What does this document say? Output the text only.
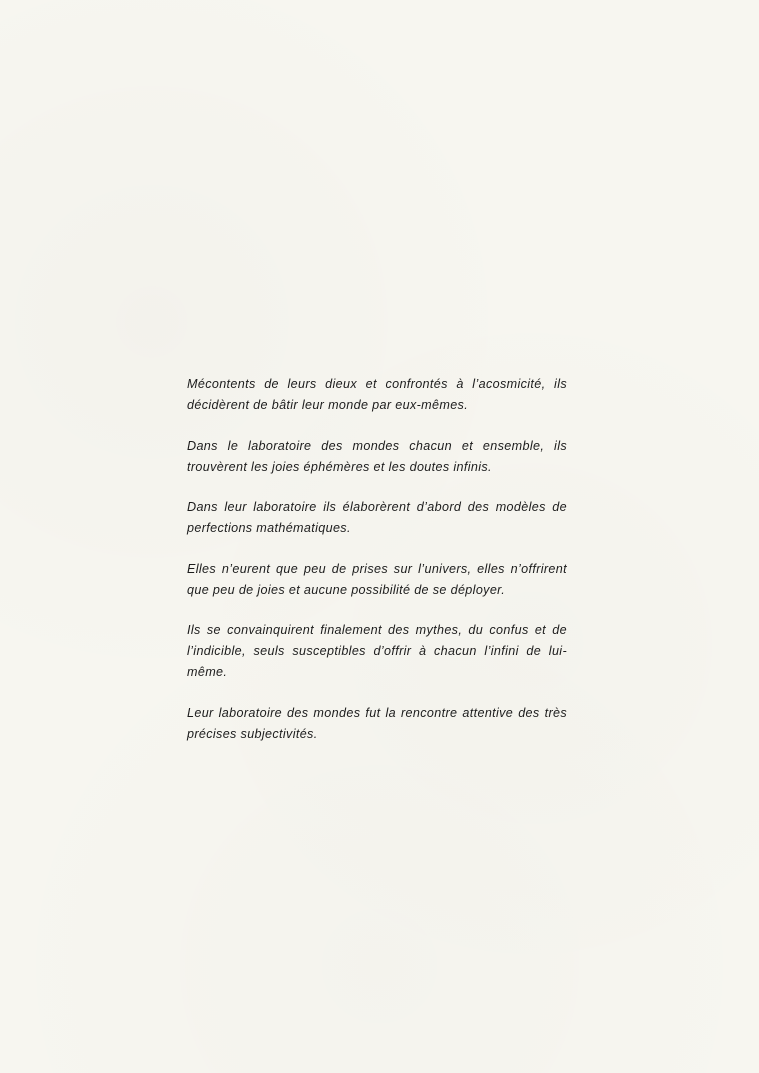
Mécontents de leurs dieux et confrontés à l’acosmicité, ils décidèrent de bâtir leur monde par eux-mêmes.

Dans le laboratoire des mondes chacun et ensemble, ils trouvèrent les joies éphémères et les doutes infinis.

Dans leur laboratoire ils élaborèrent d’abord des modèles de perfections mathématiques.

Elles n’eurent que peu de prises sur l’univers, elles n’offrirent que peu de joies et aucune possibilité de se déployer.

Ils se convainquirent finalement des mythes, du confus et de l’indicible, seuls susceptibles d’offrir à chacun l’infini de lui-même.

Leur laboratoire des mondes fut la rencontre attentive des très précises subjectivités.
